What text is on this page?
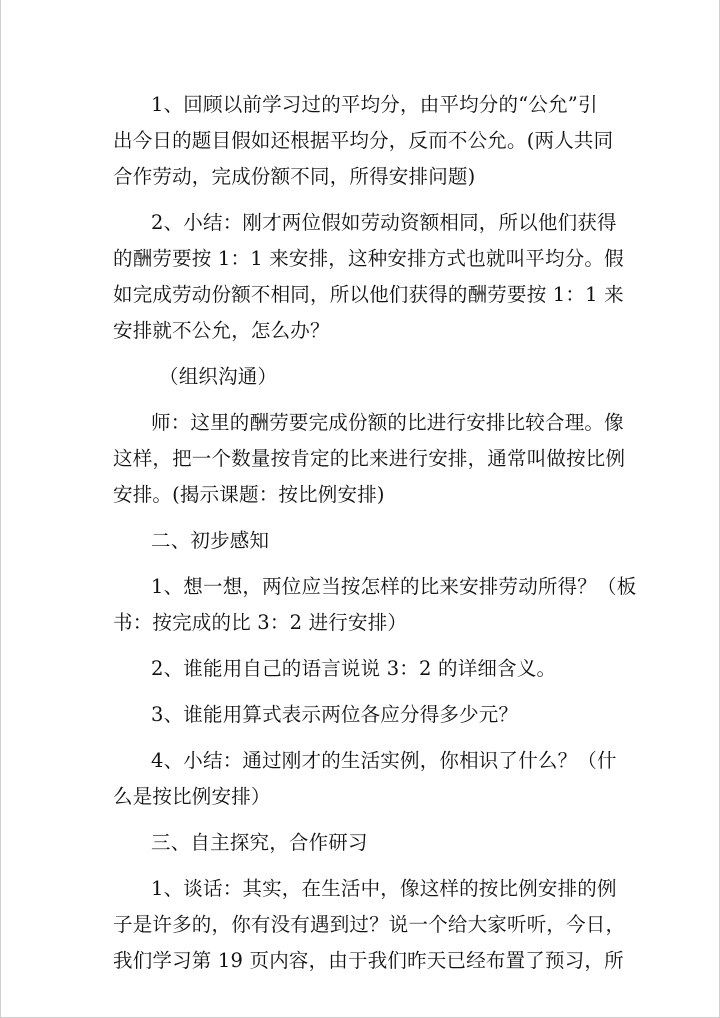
1、回顾以前学习过的平均分，由平均分的“公允”引
出今日的题目假如还根据平均分，反而不公允。(两人共同
合作劳动，完成份额不同，所得安排问题)
2、小结：刚才两位假如劳动资额相同，所以他们获得
的酬劳要按 1：1 来安排，这种安排方式也就叫平均分。假
如完成劳动份额不相同，所以他们获得的酬劳要按 1：1 来
安排就不公允，怎么办？
（组织沟通）
师：这里的酬劳要完成份额的比进行安排比较合理。像
这样，把一个数量按肯定的比来进行安排，通常叫做按比例
安排。(揭示课题：按比例安排)
二、初步感知
1、想一想，两位应当按怎样的比来安排劳动所得？（板
书：按完成的比 3：2 进行安排）
2、谁能用自己的语言说说 3：2 的详细含义。
3、谁能用算式表示两位各应分得多少元？
4、小结：通过刚才的生活实例，你相识了什么？（什
么是按比例安排）
三、自主探究，合作研习
1、谈话：其实，在生活中，像这样的按比例安排的例
子是许多的，你有没有遇到过？说一个给大家听听，今日，
我们学习第 19 页内容，由于我们昨天已经布置了预习，所
